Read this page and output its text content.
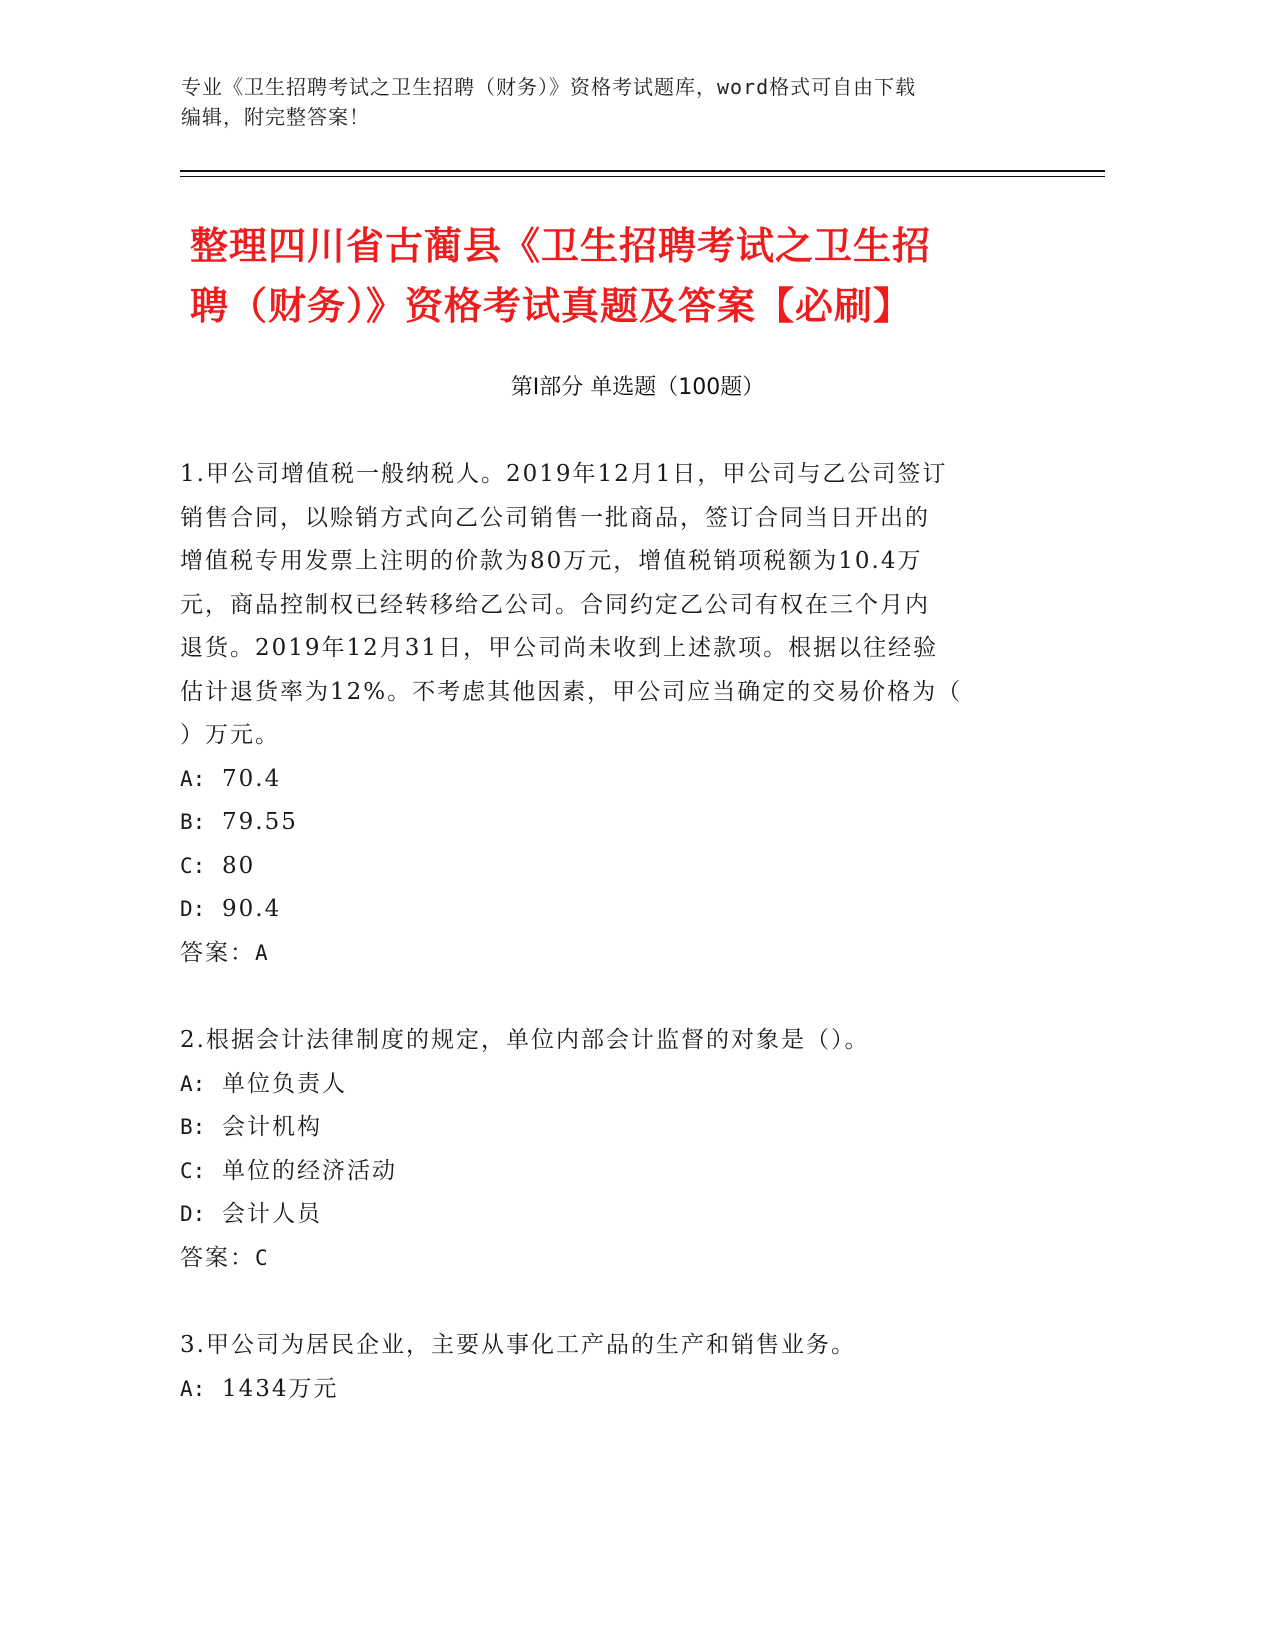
专业《卫生招聘考试之卫生招聘（财务）》资格考试题库，word格式可自由下载
编辑，附完整答案！
整理四川省古蔺县《卫生招聘考试之卫生招
聘（财务）》资格考试真题及答案【必刷】
第Ⅰ部分 单选题（100题）
1.甲公司增值税一般纳税人。2019年12月1日，甲公司与乙公司签订
销售合同，以赊销方式向乙公司销售一批商品，签订合同当日开出的
增值税专用发票上注明的价款为80万元，增值税销项税额为10.4万
元，商品控制权已经转移给乙公司。合同约定乙公司有权在三个月内
退货。2019年12月31日，甲公司尚未收到上述款项。根据以往经验
估计退货率为12%。不考虑其他因素，甲公司应当确定的交易价格为（
）万元。
A: 70.4
B: 79.55
C: 80
D: 90.4
答案：A
2.根据会计法律制度的规定，单位内部会计监督的对象是（）。
A: 单位负责人
B: 会计机构
C: 单位的经济活动
D: 会计人员
答案：C
3.甲公司为居民企业，主要从事化工产品的生产和销售业务。
A: 1434万元
